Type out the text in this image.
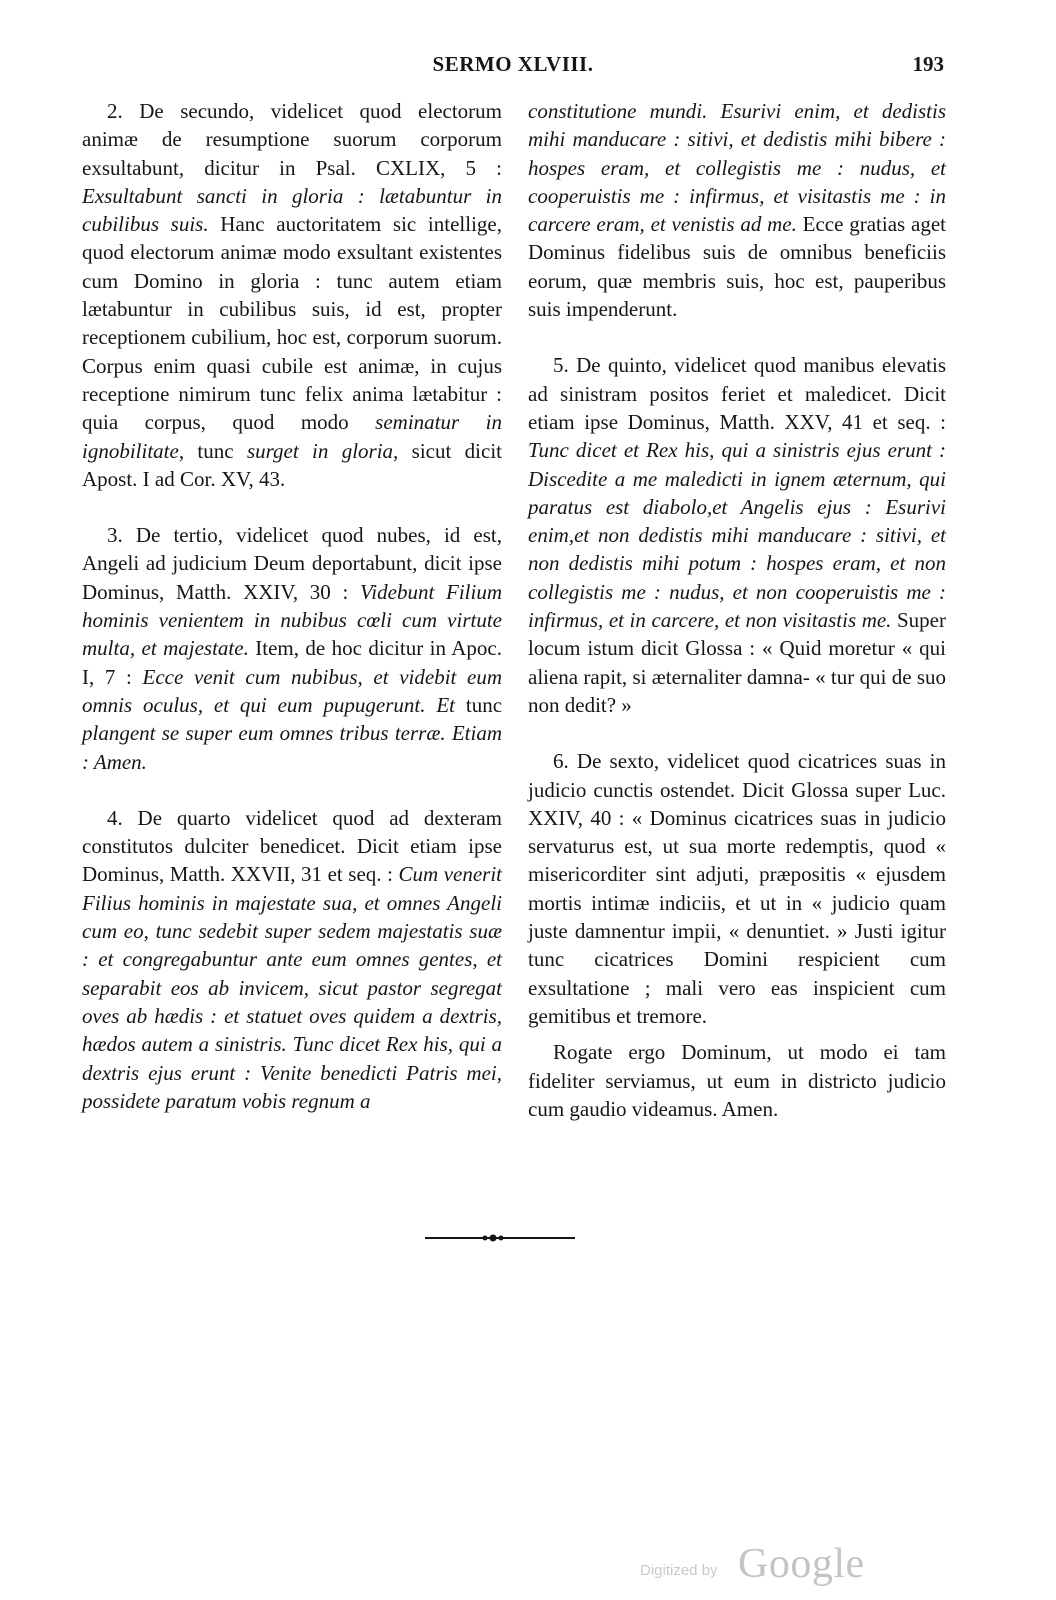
SERMO XLVIII.	193

2. De secundo, videlicet quod electorum animæ de resumptione suorum corporum exsultabunt, dicitur in Psal. CXLIX, 5 : Exsultabunt sancti in gloria : lætabuntur in cubilibus suis. Hanc auctoritatem sic intellige, quod electorum animæ modo exsultant existentes cum Domino in gloria : tunc autem etiam lætabuntur in cubilibus suis, id est, propter receptionem cubilium, hoc est, corporum suorum. Corpus enim quasi cubile est animæ, in cujus receptione nimirum tunc felix anima lætabitur : quia corpus, quod modo seminatur in ignobilitate, tunc surget in gloria, sicut dicit Apost. I ad Cor. XV, 43.

3. De tertio, videlicet quod nubes, id est, Angeli ad judicium Deum deportabunt, dicit ipse Dominus, Matth. XXIV, 30 : Videbunt Filium hominis venientem in nubibus cœli cum virtute multa, et majestate. Item, de hoc dicitur in Apoc. I, 7 : Ecce venit cum nubibus, et videbit eum omnis oculus, et qui eum pupugerunt. Et tunc plangent se super eum omnes tribus terræ. Etiam : Amen.

4. De quarto videlicet quod ad dexteram constitutos dulciter benedicet. Dicit etiam ipse Dominus, Matth. XXVII, 31 et seq. : Cum venerit Filius hominis in majestate sua, et omnes Angeli cum eo, tunc sedebit super sedem majestatis suæ : et congregabuntur ante eum omnes gentes, et separabit eos ab invicem, sicut pastor segregat oves ab hædis : et statuet oves quidem a dextris, hædos autem a sinistris. Tunc dicet Rex his, qui a dextris ejus erunt : Venite benedicti Patris mei, possidete paratum vobis regnum a

constitutione mundi. Esurivi enim, et dedistis mihi manducare : sitivi, et dedistis mihi bibere : hospes eram, et collegistis me : nudus, et cooperuistis me : infirmus, et visitastis me : in carcere eram, et venistis ad me. Ecce gratias aget Dominus fidelibus suis de omnibus beneficiis eorum, quæ membris suis, hoc est, pauperibus suis impenderunt.

5. De quinto, videlicet quod manibus elevatis ad sinistram positos feriet et maledicet. Dicit etiam ipse Dominus, Matth. XXV, 41 et seq. : Tunc dicet et Rex his, qui a sinistris ejus erunt : Discedite a me maledicti in ignem æternum, qui paratus est diabolo,et Angelis ejus : Esurivi enim,et non dedistis mihi manducare : sitivi, et non dedistis mihi potum : hospes eram, et non collegistis me : nudus, et non cooperuistis me : infirmus, et in carcere, et non visitastis me. Super locum istum dicit Glossa : « Quid moretur « qui aliena rapit, si æternaliter damna- « tur qui de suo non dedit? »

6. De sexto, videlicet quod cicatrices suas in judicio cunctis ostendet. Dicit Glossa super Luc. XXIV, 40 : « Dominus cicatrices suas in judicio servaturus est, ut sua morte redemptis, quod « misericorditer sint adjuti, præpositis « ejusdem mortis intimæ indiciis, et ut in « judicio quam juste damnentur impii, « denuntiet. » Justi igitur tunc cicatrices Domini respicient cum exsultatione ; mali vero eas inspicient cum gemitibus et tremore.

Rogate ergo Dominum, ut modo ei tam fideliter serviamus, ut eum in districto judicio cum gaudio videamus. Amen.

Digitized by Google
